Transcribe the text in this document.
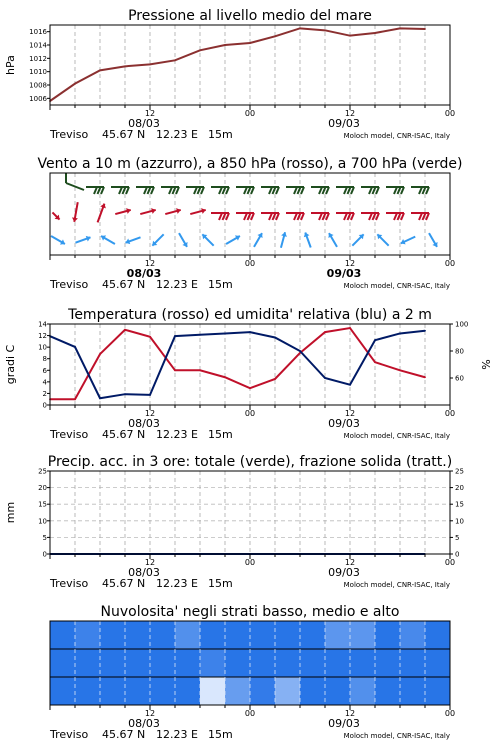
Pressione al livello medio del mare
1006
1008
1010
1012
1014
1016
hPa
12	00	12	00
08/03	09/03
Treviso 45.67 N 12.23 E 15m	Moloch model, CNR-ISAC, Italy
Vento a 10 m (azzurro), a 850 hPa (rosso), a 700 hPa (verde)
12	00	12	00
08/03	09/03
Treviso 45.67 N 12.23 E 15m	Moloch model, CNR-ISAC, Italy
Temperatura (rosso) ed umidita' relativa (blu) a 2 m
0
2
4
6
8
10
12
14
60
80
100
gradi C	%
12	00	12	00
08/03	09/03
Treviso 45.67 N 12.23 E 15m	Moloch model, CNR-ISAC, Italy
Precip. acc. in 3 ore: totale (verde), frazione solida (tratt.)
0
5
10
15
20
25
0
5
10
15
20
25
mm
12	00	12	00
08/03	09/03
Treviso 45.67 N 12.23 E 15m	Moloch model, CNR-ISAC, Italy
Nuvolosita' negli strati basso, medio e alto
12	00	12	00
08/03	09/03
Treviso 45.67 N 12.23 E 15m	Moloch model, CNR-ISAC, Italy
